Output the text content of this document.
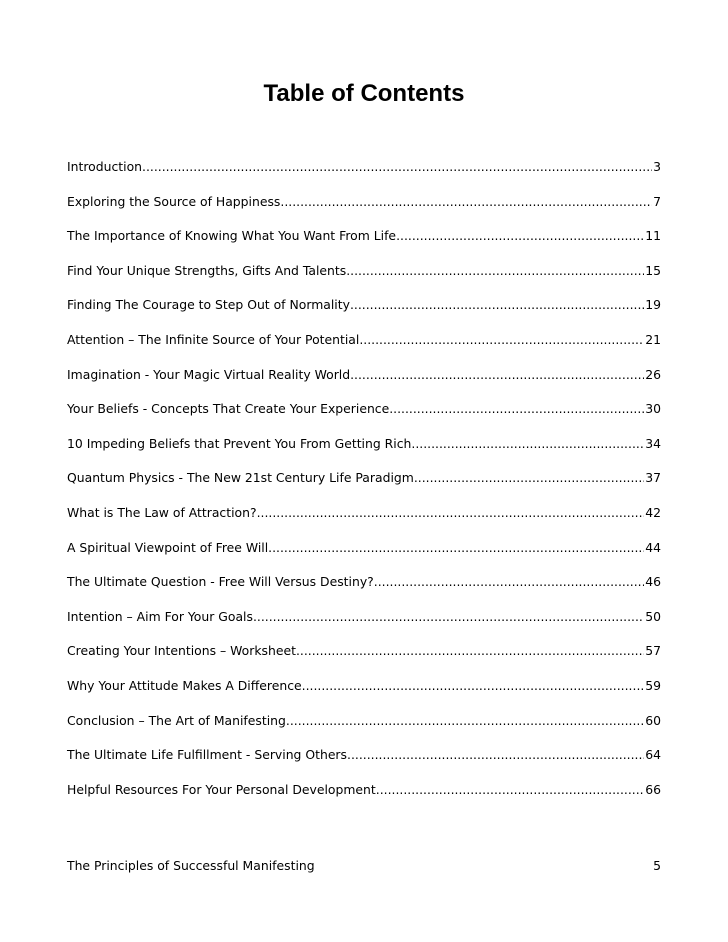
Table of Contents
Introduction .....	3
Exploring the Source of Happiness .....	7
The Importance of Knowing What You Want From Life .....	11
Find Your Unique Strengths, Gifts And Talents .....	15
Finding The Courage to Step Out of Normality .....	19
Attention – The Infinite Source of Your Potential .....	21
Imagination - Your Magic Virtual Reality World .....	26
Your Beliefs - Concepts That Create Your Experience .....	30
10 Impeding Beliefs that Prevent You From Getting Rich .....	34
Quantum Physics - The New 21st Century Life Paradigm .....	37
What is The Law of Attraction? .....	42
A Spiritual Viewpoint of Free Will .....	44
The Ultimate Question - Free Will Versus Destiny? .....	46
Intention – Aim For Your Goals .....	50
Creating Your Intentions – Worksheet .....	57
Why Your Attitude Makes A Difference .....	59
Conclusion – The Art of Manifesting .....	60
The Ultimate Life Fulfillment - Serving Others .....	64
Helpful Resources For Your Personal Development .....	66
The Principles of Successful Manifesting	5
